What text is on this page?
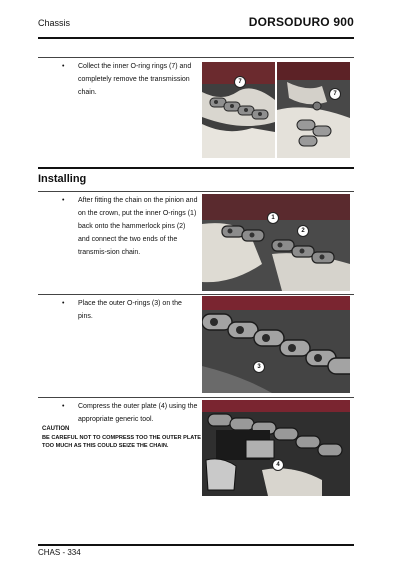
Chassis	DORSODURO 900
• Collect the inner O-ring rings (7) and completely remove the transmission chain.
7
7
Installing
• After fitting the chain on the pinion and on the crown, put the inner O-rings (1) back onto the hammerlock pins (2) and connect the two ends of the transmis-sion chain.
1
2
• Place the outer O-rings (3) on the pins.
3
• Compress the outer plate (4) using the appropriate generic tool.
CAUTION
BE CAREFUL NOT TO COMPRESS TOO THE OUTER PLATE TOO MUCH AS THIS COULD SEIZE THE CHAIN.
4
CHAS - 334
